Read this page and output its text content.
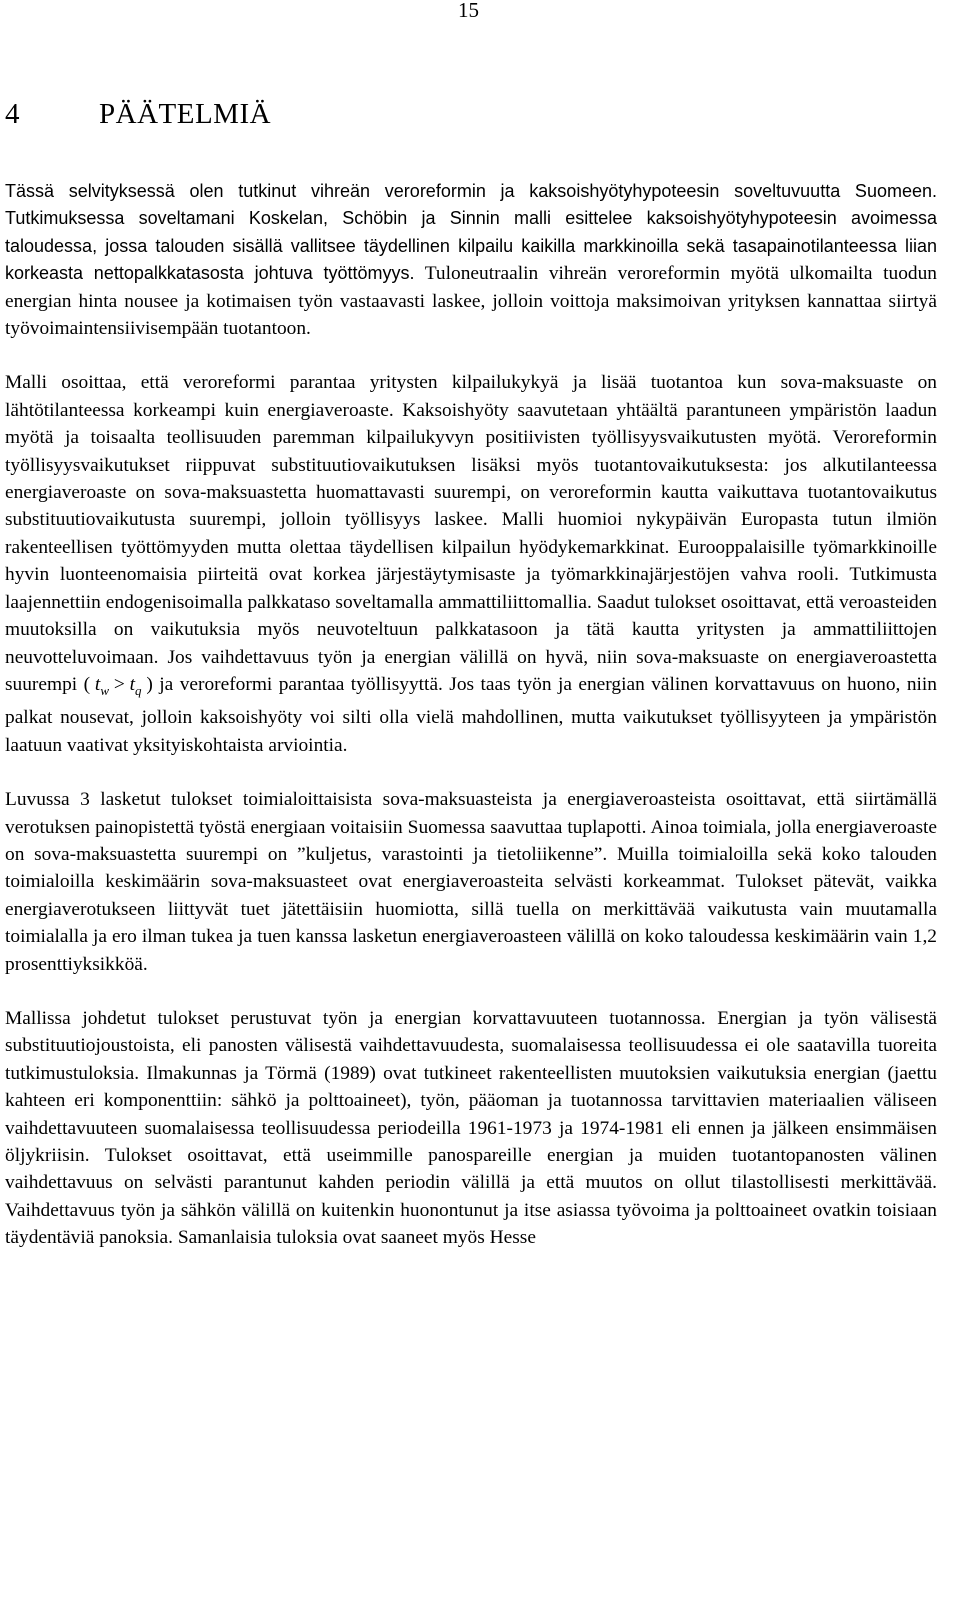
15
4	PÄÄTELMIÄ

Tässä selvityksessä olen tutkinut vihreän veroreformin ja kaksoishyötyhypoteesin soveltuvuutta Suomeen. Tutkimuksessa soveltamani Koskelan, Schöbin ja Sinnin malli esittelee kaksoishyötyhypoteesin avoimessa taloudessa, jossa talouden sisällä vallitsee täydellinen kilpailu kaikilla markkinoilla sekä tasapainotilanteessa liian korkeasta nettopalkkatasosta johtuva työttömyys. Tuloneutraalin vihreän veroreformin myötä ulkomailta tuodun energian hinta nousee ja kotimaisen työn vastaavasti laskee, jolloin voittoja maksimoivan yrityksen kannattaa siirtyä työvoimaintensiivisempään tuotantoon.

Malli osoittaa, että veroreformi parantaa yritysten kilpailukykyä ja lisää tuotantoa kun sova-maksuaste on lähtötilanteessa korkeampi kuin energiaveroaste. Kaksoishyöty saavutetaan yhtäältä parantuneen ympäristön laadun myötä ja toisaalta teollisuuden paremman kilpailukyvyn positiivisten työllisyysvaikutusten myötä. Veroreformin työllisyysvaikutukset riippuvat substituutiovaikutuksen lisäksi myös tuotantovaikutuksesta: jos alkutilanteessa energiaveroaste on sova-maksuastetta huomattavasti suurempi, on veroreformin kautta vaikuttava tuotantovaikutus substituutiovaikutusta suurempi, jolloin työllisyys laskee. Malli huomioi nykypäivän Europasta tutun ilmiön rakenteellisen työttömyyden mutta olettaa täydellisen kilpailun hyödykemarkkinat. Eurooppalaisille työmarkkinoille hyvin luonteenomaisia piirteitä ovat korkea järjestäytymisaste ja työmarkkinajärjestöjen vahva rooli. Tutkimusta laajennettiin endogenisoimalla palkkataso soveltamalla ammattiliittomallia. Saadut tulokset osoittavat, että veroasteiden muutoksilla on vaikutuksia myös neuvoteltuun palkkatasoon ja tätä kautta yritysten ja ammattiliittojen neuvotteluvoimaan. Jos vaihdettavuus työn ja energian välillä on hyvä, niin sova-maksuaste on energiaveroastetta suurempi ( $t_w > t_q$ ) ja veroreformi parantaa työllisyyttä. Jos taas työn ja energian välinen korvattavuus on huono, niin palkat nousevat, jolloin kaksoishyöty voi silti olla vielä mahdollinen, mutta vaikutukset työllisyyteen ja ympäristön laatuun vaativat yksityiskohtaista arviointia.

Luvussa 3 lasketut tulokset toimialoittaisista sova-maksuasteista ja energiaveroasteista osoittavat, että siirtämällä verotuksen painopistettä työstä energiaan voitaisiin Suomessa saavuttaa tuplapotti. Ainoa toimiala, jolla energiaveroaste on sova-maksuastetta suurempi on ”kuljetus, varastointi ja tietoliikenne”. Muilla toimialoilla sekä koko talouden toimialoilla keskimäärin sova-maksuasteet ovat energiaveroasteita selvästi korkeammat. Tulokset pätevät, vaikka energiaverotukseen liittyvät tuet jätettäisiin huomiotta, sillä tuella on merkittävää vaikutusta vain muutamalla toimialalla ja ero ilman tukea ja tuen kanssa lasketun energiaveroasteen välillä on koko taloudessa keskimäärin vain 1,2 prosenttiyksikköä.

Mallissa johdetut tulokset perustuvat työn ja energian korvattavuuteen tuotannossa. Energian ja työn välisestä substituutiojoustoista, eli panosten välisestä vaihdettavuudesta, suomalaisessa teollisuudessa ei ole saatavilla tuoreita tutkimustuloksia. Ilmakunnas ja Törmä (1989) ovat tutkineet rakenteellisten muutoksien vaikutuksia energian (jaettu kahteen eri komponenttiin: sähkö ja polttoaineet), työn, pääoman ja tuotannossa tarvittavien materiaalien väliseen vaihdettavuuteen suomalaisessa teollisuudessa periodeilla 1961-1973 ja 1974-1981 eli ennen ja jälkeen ensimmäisen öljykriisin. Tulokset osoittavat, että useimmille panospareille energian ja muiden tuotantopanosten välinen vaihdettavuus on selvästi parantunut kahden periodin välillä ja että muutos on ollut tilastollisesti merkittävää. Vaihdettavuus työn ja sähkön välillä on kuitenkin huonontunut ja itse asiassa työvoima ja polttoaineet ovatkin toisiaan täydentäviä panoksia. Samanlaisia tuloksia ovat saaneet myös Hesse
